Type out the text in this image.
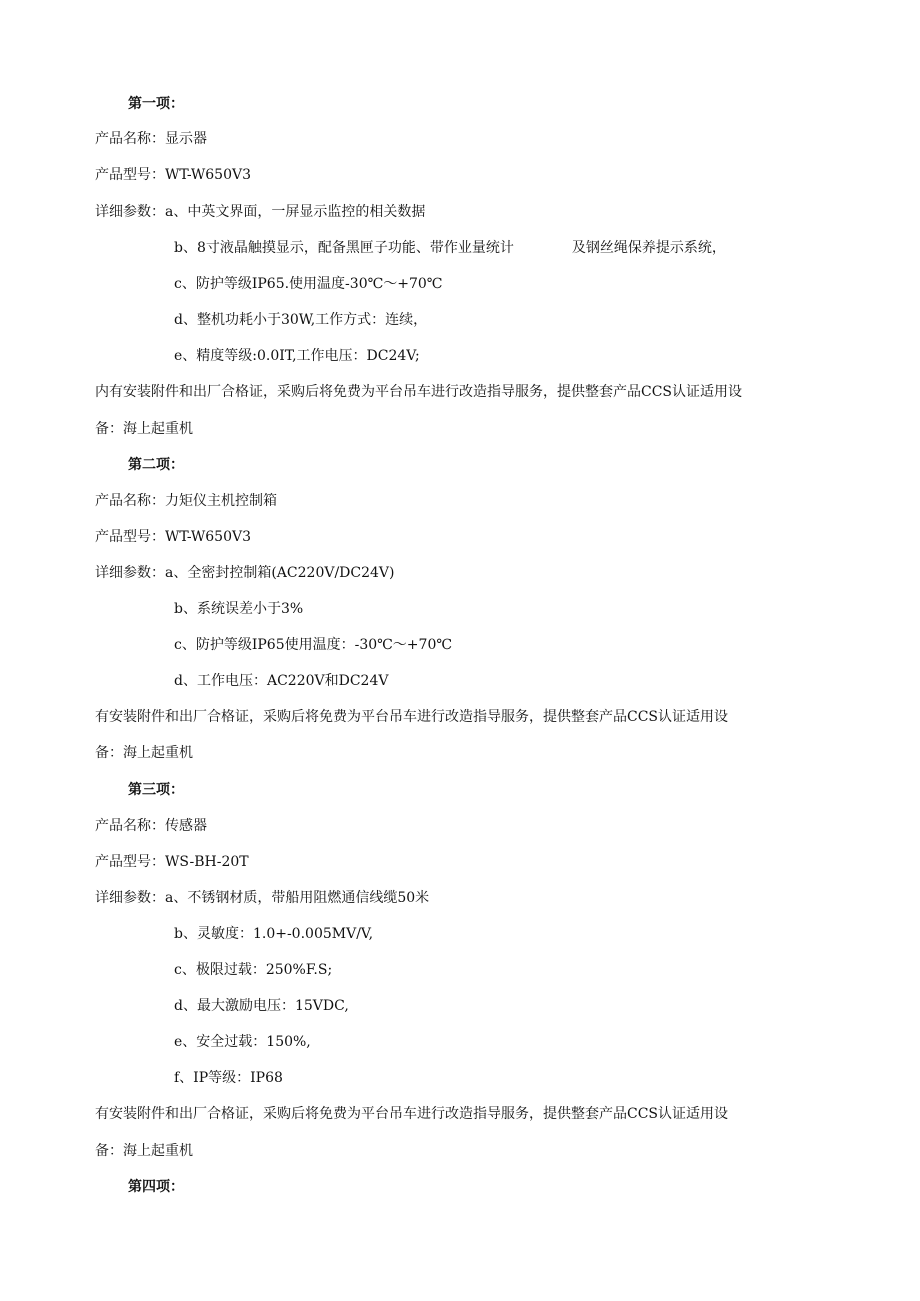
第一项：
产品名称：显示器
产品型号：WT-W650V3
详细参数：a、中英文界面，一屏显示监控的相关数据
b、8寸液晶触摸显示，配备黑匣子功能、带作业量统计	及钢丝绳保养提示系统，
c、防护等级IP65.使用温度-30℃～+70℃
d、整机功耗小于30W,工作方式：连续，
e、精度等级:0.0IT,工作电压：DC24V;
内有安装附件和出厂合格证，采购后将免费为平台吊车进行改造指导服务，提供整套产品CCS认证适用设
备：海上起重机
第二项：
产品名称：力矩仪主机控制箱
产品型号：WT-W650V3
详细参数：a、全密封控制箱(AC220V/DC24V)
b、系统误差小于3%
c、防护等级IP65使用温度：-30℃～+70℃
d、工作电压：AC220V和DC24V
有安装附件和出厂合格证，采购后将免费为平台吊车进行改造指导服务，提供整套产品CCS认证适用设
备：海上起重机
第三项：
产品名称：传感器
产品型号：WS-BH-20T
详细参数：a、不锈钢材质，带船用阻燃通信线缆50米
b、灵敏度：1.0+-0.005MV/V,
c、极限过载：250%F.S;
d、最大激励电压：15VDC,
e、安全过载：150%,
f、IP等级：IP68
有安装附件和出厂合格证，采购后将免费为平台吊车进行改造指导服务，提供整套产品CCS认证适用设
备：海上起重机
第四项：
